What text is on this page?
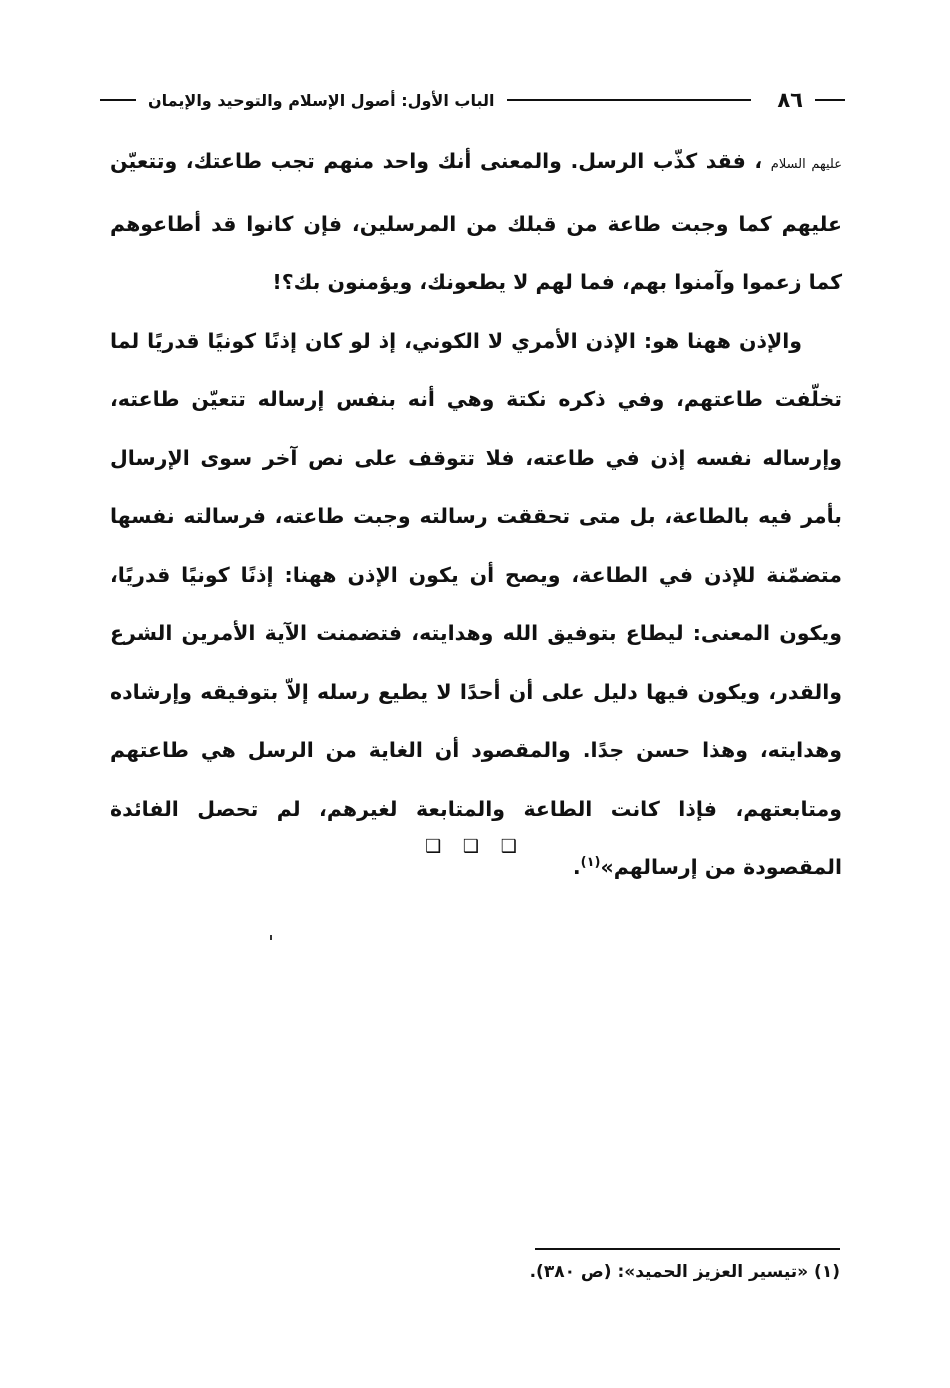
٨٦
الباب الأول: أصول الإسلام والتوحيد والإيمان

عليهم السلام ، فقد كذّب الرسل. والمعنى أنك واحد منهم تجب طاعتك، وتتعيّن عليهم كما وجبت طاعة من قبلك من المرسلين، فإن كانوا قد أطاعوهم كما زعموا وآمنوا بهم، فما لهم لا يطعونك، ويؤمنون بك؟!

والإذن ههنا هو: الإذن الأمري لا الكوني، إذ لو كان إذنًا كونيًا قدريًا لما تخلّفت طاعتهم، وفي ذكره نكتة وهي أنه بنفس إرساله تتعيّن طاعته، وإرساله نفسه إذن في طاعته، فلا تتوقف على نص آخر سوى الإرسال بأمر فيه بالطاعة، بل متى تحققت رسالته وجبت طاعته، فرسالته نفسها متضمّنة للإذن في الطاعة، ويصح أن يكون الإذن ههنا: إذنًا كونيًا قدريًا، ويكون المعنى: ليطاع بتوفيق الله وهدايته، فتضمنت الآية الأمرين الشرع والقدر، ويكون فيها دليل على أن أحدًا لا يطيع رسله إلاّ بتوفيقه وإرشاده وهدايته، وهذا حسن جدًا. والمقصود أن الغاية من الرسل هي طاعتهم ومتابعتهم، فإذا كانت الطاعة والمتابعة لغيرهم، لم تحصل الفائدة المقصودة من إرسالهم»$^{(١)}$.

❑ ❑ ❑
(١) «تيسير العزيز الحميد»: (ص ٣٨٠).
